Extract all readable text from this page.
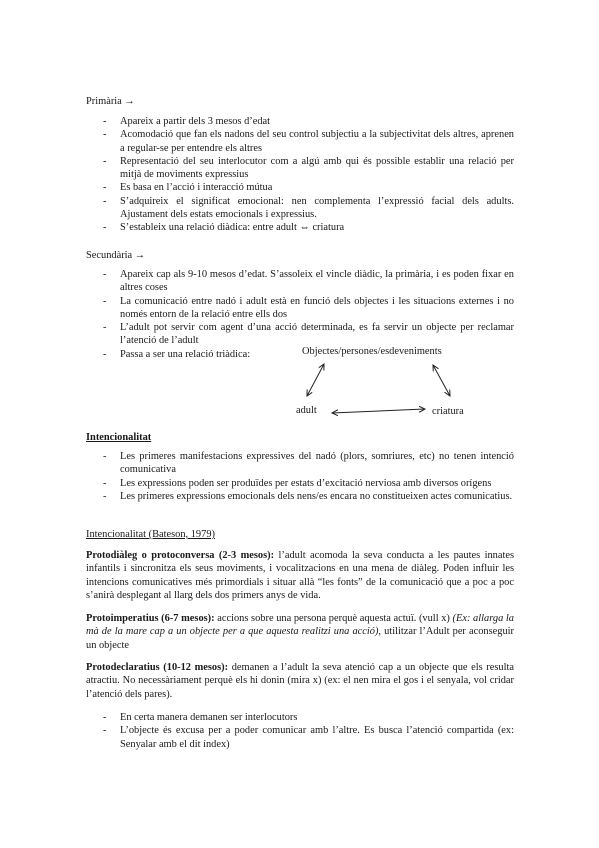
Primària →
- Apareix a partir dels 3 mesos d’edat
- Acomodació que fan els nadons del seu control subjectiu a la subjectivitat dels altres, aprenen a regular-se per entendre els altres
- Representació del seu interlocutor com a algú amb qui és possible establir una relació per mitjà de moviments expressius
- Es basa en l’acció i interacció mútua
- S’adquireix el significat emocional: nen complementa l’expressió facial dels adults. Ajustament dels estats emocionals i expressius.
- S’estableix una relació diàdica: entre adult ⇔ criatura
Secundària →
- Apareix cap als 9-10 mesos d’edat. S’assoleix el vincle diàdic, la primària, i es poden fixar en altres coses
- La comunicació entre nadó i adult està en funció dels objectes i les situacions externes i no només entorn de la relació entre ells dos
- L’adult pot servir com agent d’una acció determinada, es fa servir un objecte per reclamar l’atenció de l’adult
- Passa a ser una relació triàdica:	Objectes/persones/esdeveniments
adult	criatura
Intencionalitat
- Les primeres manifestacions expressives del nadó (plors, somriures, etc) no tenen intenció comunicativa
- Les expressions poden ser produïdes per estats d’excitació nerviosa amb diversos orígens
- Les primeres expressions emocionals dels nens/es encara no constitueixen actes comunicatius.
Intencionalitat (Bateson, 1979)
Protodiàleg o protoconversa (2-3 mesos): l’adult acomoda la seva conducta a les pautes innates infantils i sincronitza els seus moviments, i vocalitzacions en una mena de diàleg. Poden influir les intencions comunicatives més primordials i situar allà “les fonts” de la comunicació que a poc a poc s’anirà desplegant al llarg dels dos primers anys de vida.
Protoimperatius (6-7 mesos): accions sobre una persona perquè aquesta actuï. (vull x) (Ex: allarga la mà de la mare cap a un objecte per a que aquesta realitzi una acció), utilitzar l’Adult per aconseguir un objecte
Protodeclaratius (10-12 mesos): demanen a l’adult la seva atenció cap a un objecte que els resulta atractiu. No necessàriament perquè els hi donin (mira x) (ex: el nen mira el gos i el senyala, vol cridar l’atenció dels pares).
- En certa manera demanen ser interlocutors
- L’objecte és excusa per a poder comunicar amb l’altre. Es busca l’atenció compartida (ex: Senyalar amb el dit índex)
